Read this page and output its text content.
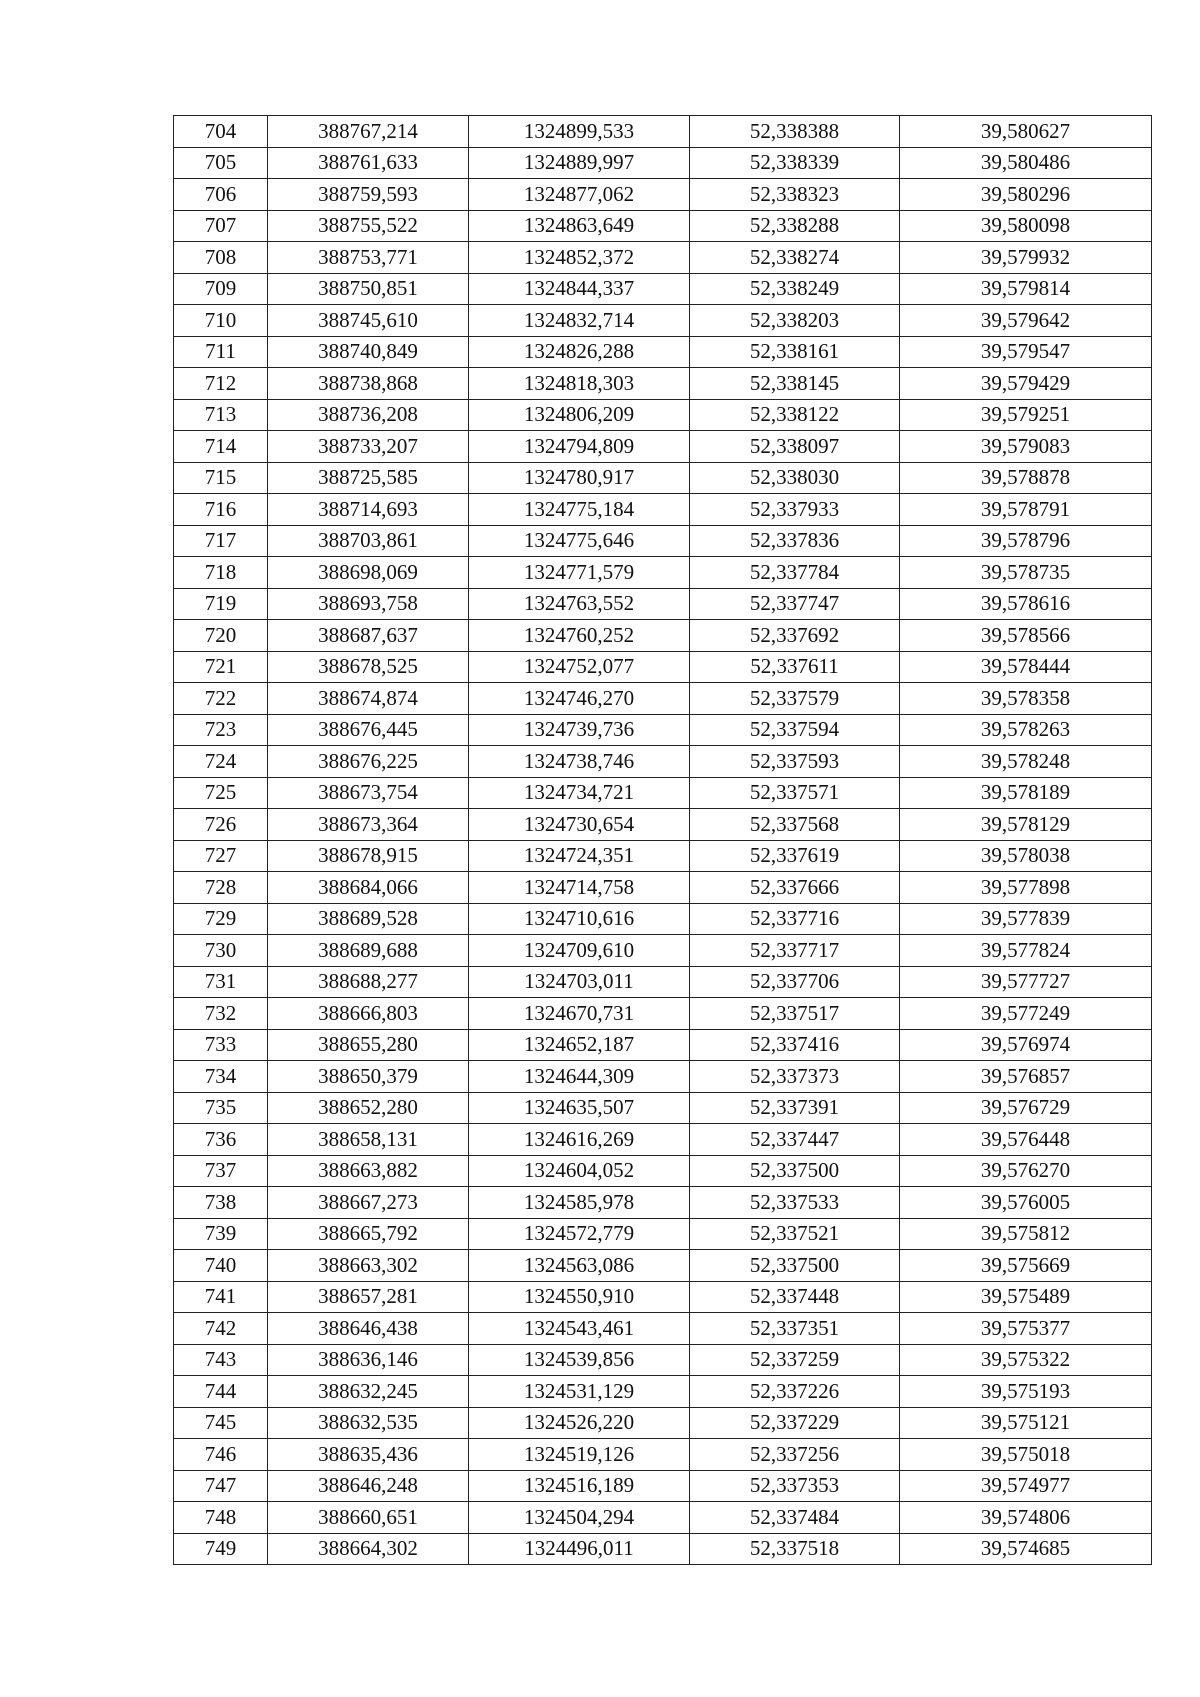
704	388767,214	1324899,533	52,338388	39,580627
705	388761,633	1324889,997	52,338339	39,580486
706	388759,593	1324877,062	52,338323	39,580296
707	388755,522	1324863,649	52,338288	39,580098
708	388753,771	1324852,372	52,338274	39,579932
709	388750,851	1324844,337	52,338249	39,579814
710	388745,610	1324832,714	52,338203	39,579642
711	388740,849	1324826,288	52,338161	39,579547
712	388738,868	1324818,303	52,338145	39,579429
713	388736,208	1324806,209	52,338122	39,579251
714	388733,207	1324794,809	52,338097	39,579083
715	388725,585	1324780,917	52,338030	39,578878
716	388714,693	1324775,184	52,337933	39,578791
717	388703,861	1324775,646	52,337836	39,578796
718	388698,069	1324771,579	52,337784	39,578735
719	388693,758	1324763,552	52,337747	39,578616
720	388687,637	1324760,252	52,337692	39,578566
721	388678,525	1324752,077	52,337611	39,578444
722	388674,874	1324746,270	52,337579	39,578358
723	388676,445	1324739,736	52,337594	39,578263
724	388676,225	1324738,746	52,337593	39,578248
725	388673,754	1324734,721	52,337571	39,578189
726	388673,364	1324730,654	52,337568	39,578129
727	388678,915	1324724,351	52,337619	39,578038
728	388684,066	1324714,758	52,337666	39,577898
729	388689,528	1324710,616	52,337716	39,577839
730	388689,688	1324709,610	52,337717	39,577824
731	388688,277	1324703,011	52,337706	39,577727
732	388666,803	1324670,731	52,337517	39,577249
733	388655,280	1324652,187	52,337416	39,576974
734	388650,379	1324644,309	52,337373	39,576857
735	388652,280	1324635,507	52,337391	39,576729
736	388658,131	1324616,269	52,337447	39,576448
737	388663,882	1324604,052	52,337500	39,576270
738	388667,273	1324585,978	52,337533	39,576005
739	388665,792	1324572,779	52,337521	39,575812
740	388663,302	1324563,086	52,337500	39,575669
741	388657,281	1324550,910	52,337448	39,575489
742	388646,438	1324543,461	52,337351	39,575377
743	388636,146	1324539,856	52,337259	39,575322
744	388632,245	1324531,129	52,337226	39,575193
745	388632,535	1324526,220	52,337229	39,575121
746	388635,436	1324519,126	52,337256	39,575018
747	388646,248	1324516,189	52,337353	39,574977
748	388660,651	1324504,294	52,337484	39,574806
749	388664,302	1324496,011	52,337518	39,574685
